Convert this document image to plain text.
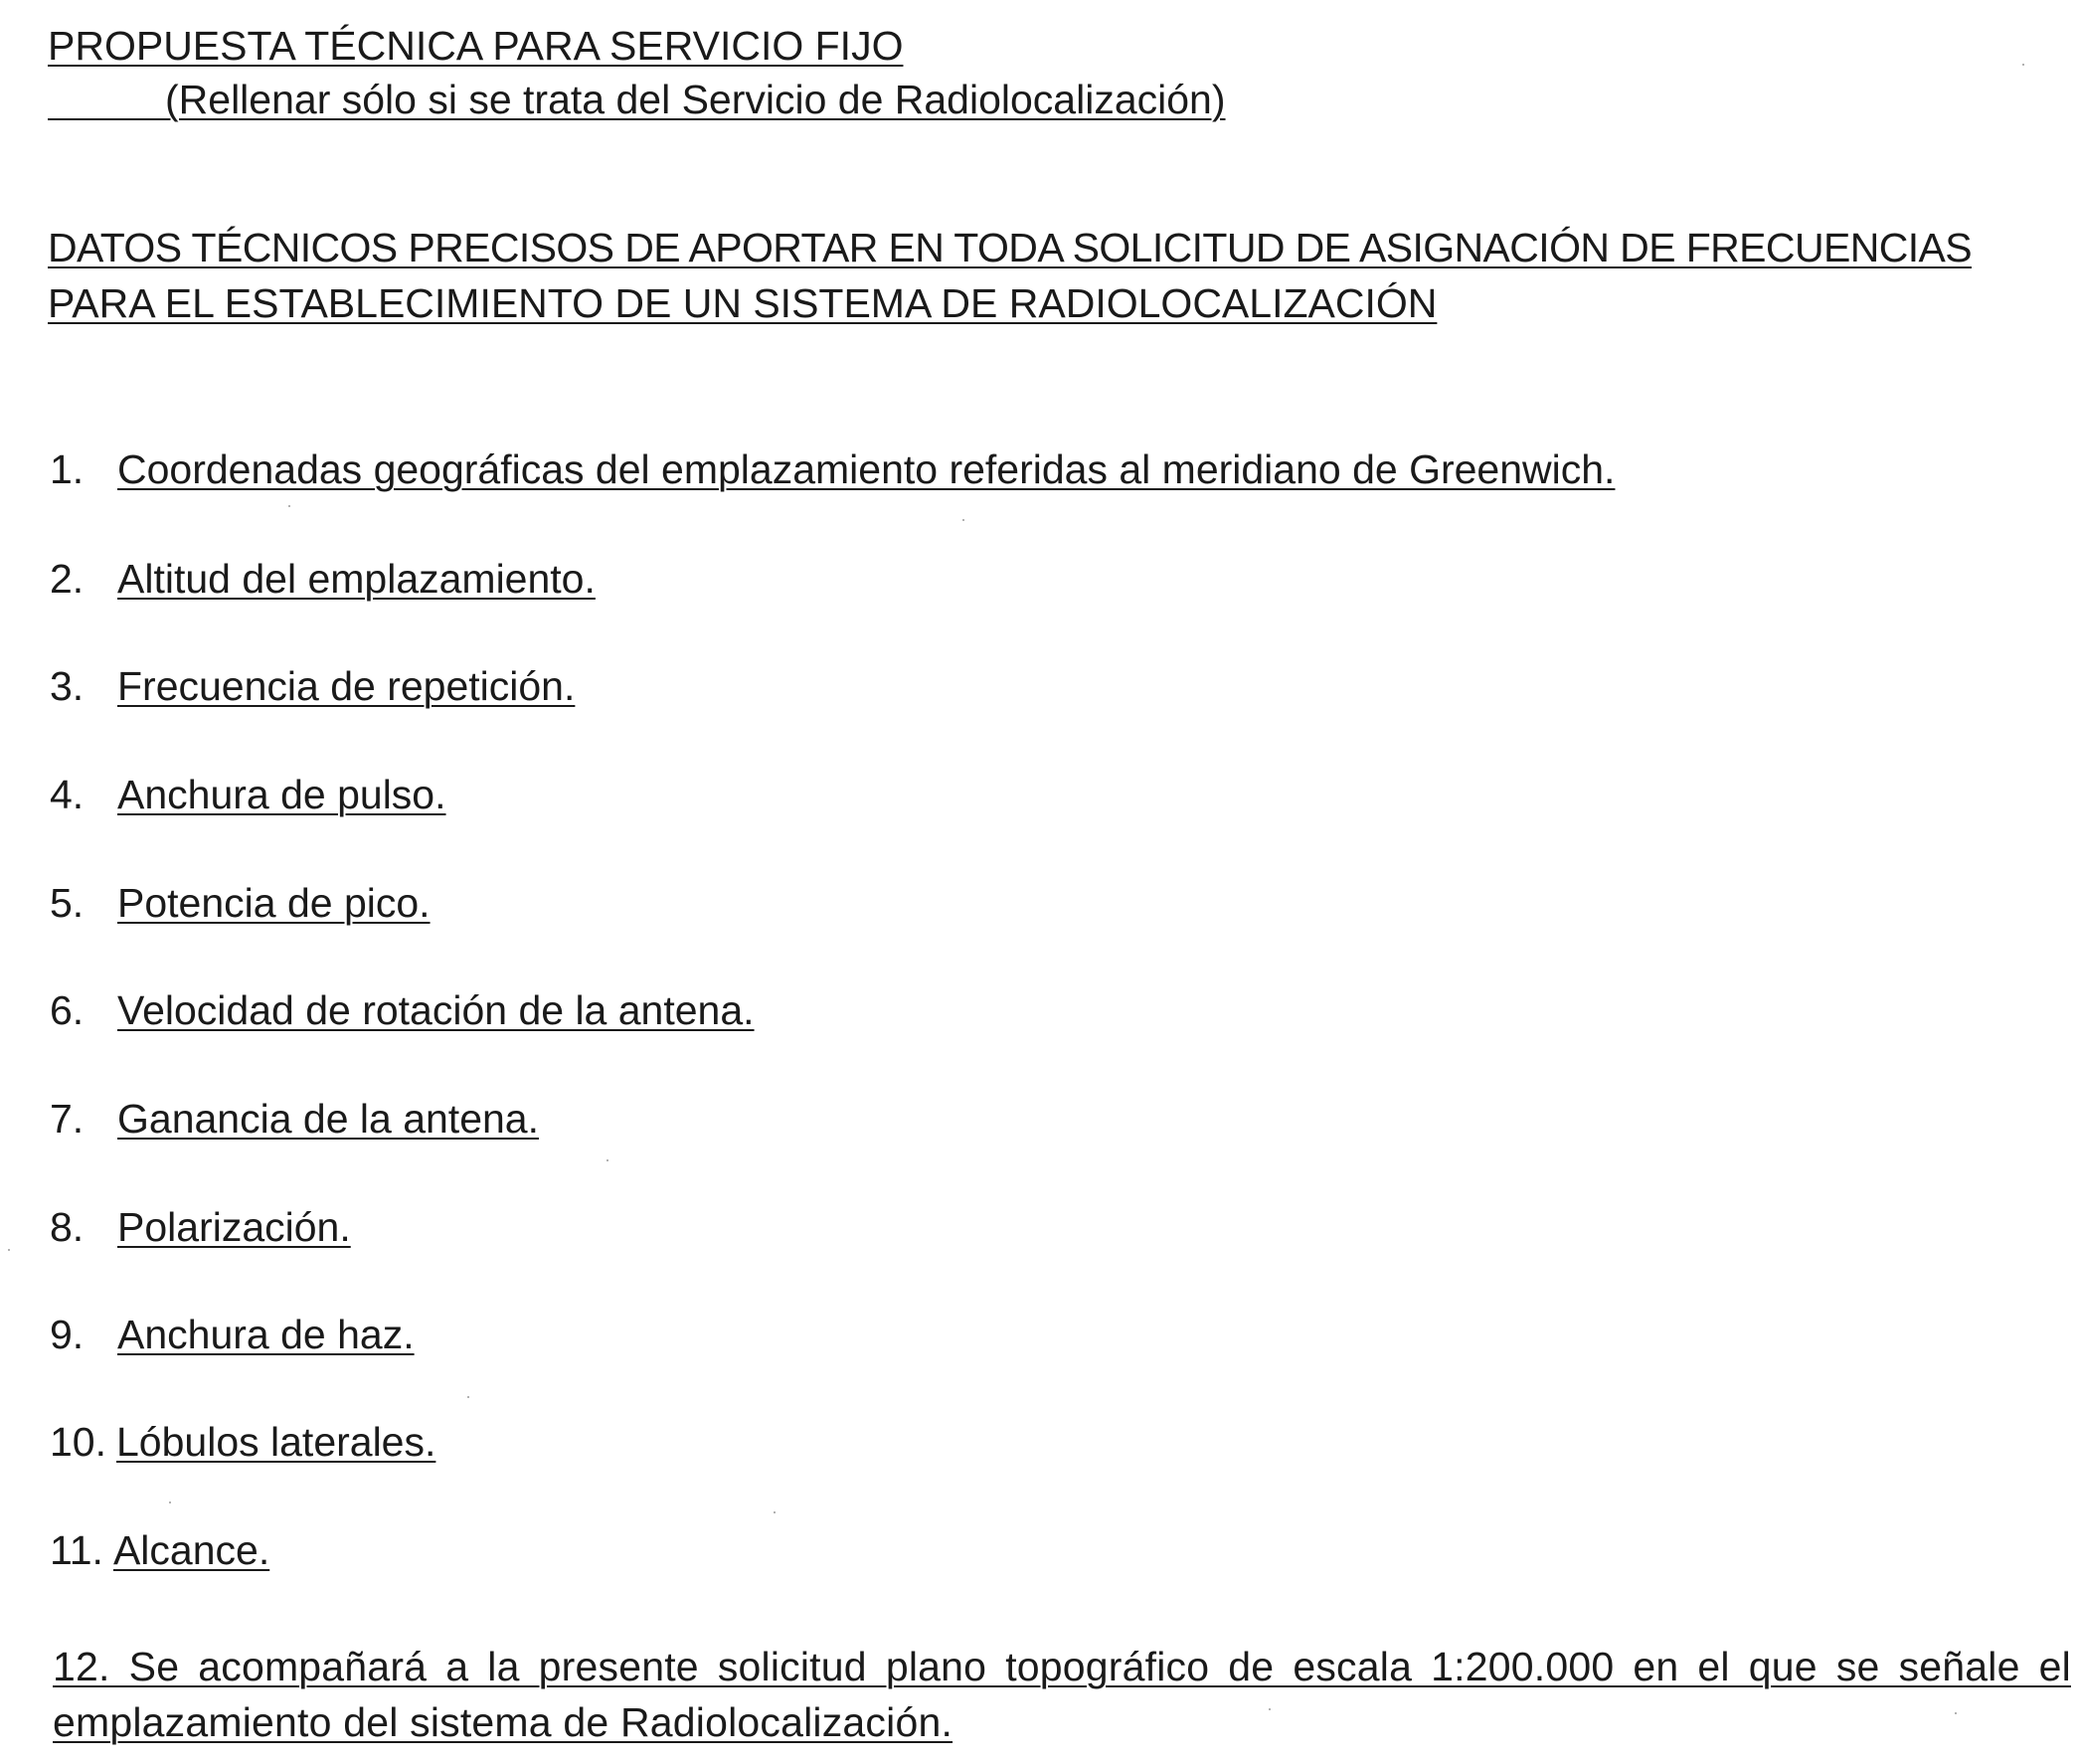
PROPUESTA TÉCNICA PARA SERVICIO FIJO
(Rellenar sólo si se trata del Servicio de Radiolocalización)
DATOS TÉCNICOS PRECISOS DE APORTAR EN TODA SOLICITUD DE ASIGNACIÓN DE FRECUENCIAS
PARA EL ESTABLECIMIENTO DE UN SISTEMA DE RADIOLOCALIZACIÓN
1. Coordenadas geográficas del emplazamiento referidas al meridiano de Greenwich.
2. Altitud del emplazamiento.
3. Frecuencia de repetición.
4. Anchura de pulso.
5. Potencia de pico.
6. Velocidad de rotación de la antena.
7. Ganancia de la antena.
8. Polarización.
9. Anchura de haz.
10. Lóbulos laterales.
11. Alcance.
12. Se acompañará a la presente solicitud plano topográfico de escala 1:200.000 en el que se señale el emplazamiento del sistema de Radiolocalización.
